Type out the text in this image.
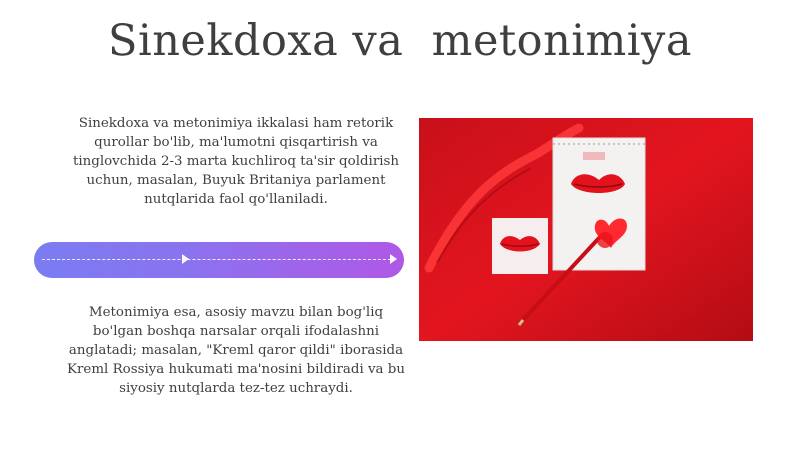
Sinekdoxa va  metonimiya
Sinekdoxa va metonimiya ikkalasi ham retorik qurollar bo'lib, ma'lumotni qisqartirish va tinglovchida 2-3 marta kuchliroq ta'sir qoldirish uchun, masalan, Buyuk Britaniya parlament nutqlarida faol qo'llaniladi.
Metonimiya esa, asosiy mavzu bilan bog'liq bo'lgan boshqa narsalar orqali ifodalashni anglatadi; masalan, "Kreml qaror qildi" iborasida Kreml Rossiya hukumati ma'nosini bildiradi va bu siyosiy nutqlarda tez-tez uchraydi.
